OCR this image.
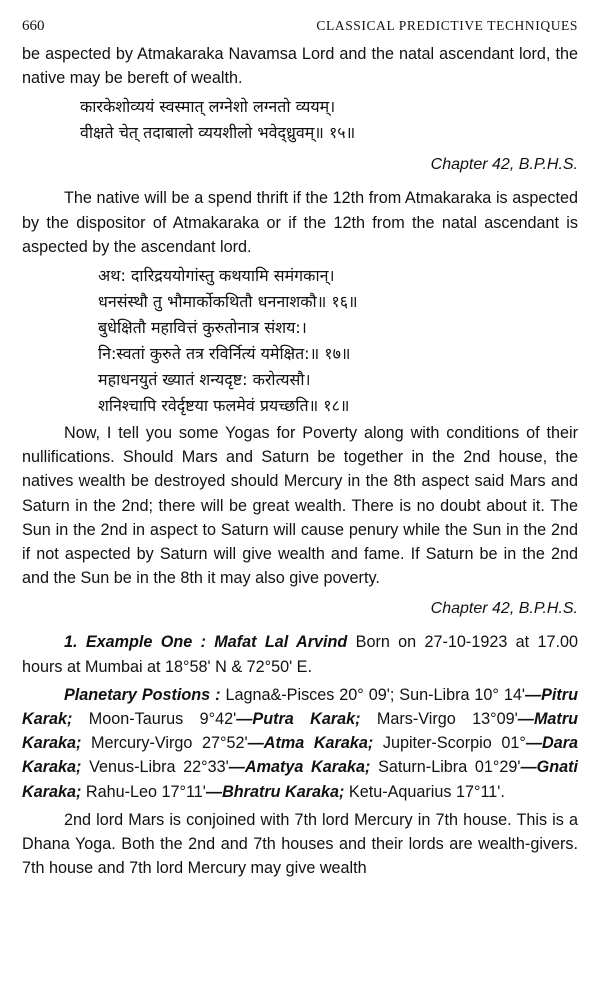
660	CLASSICAL PREDICTIVE TECHNIQUES

be aspected by Atmakaraka Navamsa Lord and the natal ascendant lord, the native may be bereft of wealth.

कारकेशोव्ययं स्वस्मात् लग्नेशो लग्नतो व्ययम्।
वीक्षते चेत् तदाबालो व्ययशीलो भवेद्ध्रुवम्॥ १५॥
Chapter 42, B.P.H.S.

The native will be a spend thrift if the 12th from Atmakaraka is aspected by the dispositor of Atmakaraka or if the 12th from the natal ascendant is aspected by the ascendant lord.

अथ: दारिद्रययोगांस्तु कथयामि समंगकान्।
धनसंस्थौ तु भौमार्कोकथितौ धननाशकौ॥ १६॥
बुधेक्षितौ महावित्तं कुरुतोनात्र संशय:।
नि:स्वतां कुरुते तत्र रविर्नित्यं यमेक्षित:॥ १७॥
महाधनयुतं ख्यातं शन्यदृष्ट: करोत्यसौ।
शनिश्चापि रवेर्दृष्टया फलमेवं प्रयच्छति॥ १८॥

Now, I tell you some Yogas for Poverty along with conditions of their nullifications. Should Mars and Saturn be together in the 2nd house, the natives wealth be destroyed should Mercury in the 8th aspect said Mars and Saturn in the 2nd; there will be great wealth. There is no doubt about it. The Sun in the 2nd in aspect to Saturn will cause penury while the Sun in the 2nd if not aspected by Saturn will give wealth and fame. If Saturn be in the 2nd and the Sun be in the 8th it may also give poverty.

Chapter 42, B.P.H.S.

1. Example One : Mafat Lal Arvind Born on 27-10-1923 at 17.00 hours at Mumbai at 18°58' N & 72°50' E.

Planetary Postions : Lagna&-Pisces 20° 09'; Sun-Libra 10° 14'—Pitru Karak; Moon-Taurus 9°42'—Putra Karak; Mars-Virgo 13°09'—Matru Karaka; Mercury-Virgo 27°52'—Atma Karaka; Jupiter-Scorpio 01°—Dara Karaka; Venus-Libra 22°33'—Amatya Karaka; Saturn-Libra 01°29'—Gnati Karaka; Rahu-Leo 17°11'—Bhratru Karaka; Ketu-Aquarius 17°11'.

2nd lord Mars is conjoined with 7th lord Mercury in 7th house. This is a Dhana Yoga. Both the 2nd and 7th houses and their lords are wealth-givers. 7th house and 7th lord Mercury may give wealth
